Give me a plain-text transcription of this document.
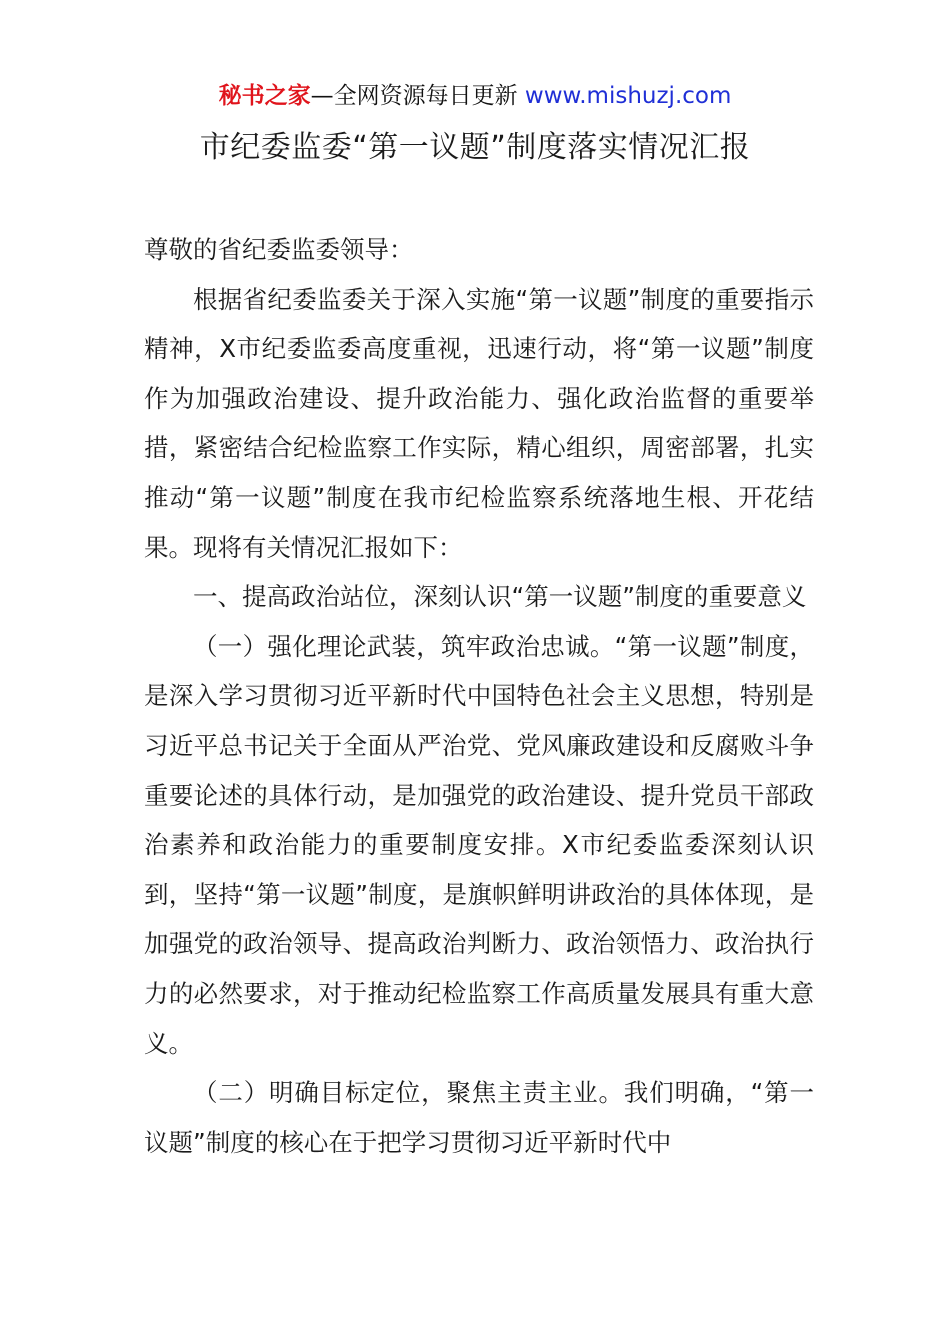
秘书之家—全网资源每日更新 www.mishuzj.com
市纪委监委“第一议题”制度落实情况汇报

尊敬的省纪委监委领导：

根据省纪委监委关于深入实施“第一议题”制度的重要指示精神，X市纪委监委高度重视，迅速行动，将“第一议题”制度作为加强政治建设、提升政治能力、强化政治监督的重要举措，紧密结合纪检监察工作实际，精心组织，周密部署，扎实推动“第一议题”制度在我市纪检监察系统落地生根、开花结果。现将有关情况汇报如下：

一、提高政治站位，深刻认识“第一议题”制度的重要意义

（一）强化理论武装，筑牢政治忠诚。“第一议题”制度，是深入学习贯彻习近平新时代中国特色社会主义思想，特别是习近平总书记关于全面从严治党、党风廉政建设和反腐败斗争重要论述的具体行动，是加强党的政治建设、提升党员干部政治素养和政治能力的重要制度安排。X市纪委监委深刻认识到，坚持“第一议题”制度，是旗帜鲜明讲政治的具体体现，是加强党的政治领导、提高政治判断力、政治领悟力、政治执行力的必然要求，对于推动纪检监察工作高质量发展具有重大意义。

（二）明确目标定位，聚焦主责主业。我们明确，“第一议题”制度的核心在于把学习贯彻习近平新时代中
